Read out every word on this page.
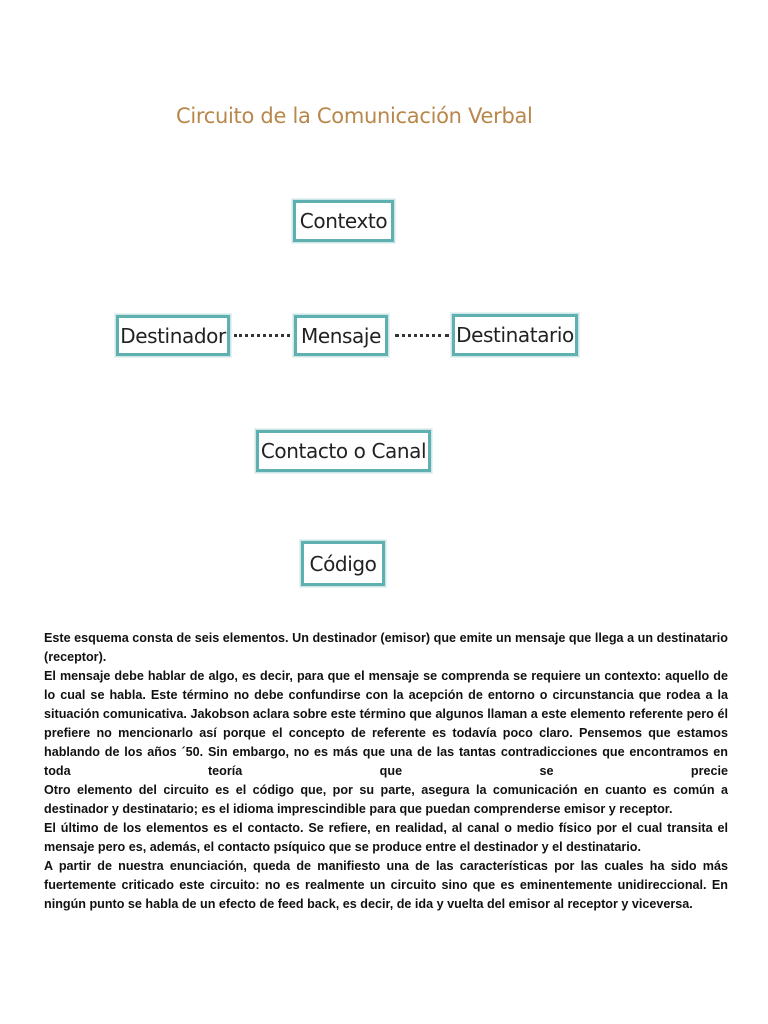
Circuito de la Comunicación Verbal
Contexto
Destinador	Mensaje	Destinatario
Contacto o Canal
Código

Este esquema consta de seis elementos. Un destinador (emisor) que emite un mensaje que llega a un destinatario (receptor).

El mensaje debe hablar de algo, es decir, para que el mensaje se comprenda se requiere un contexto: aquello de lo cual se habla. Este término no debe confundirse con la acepción de entorno o circunstancia que rodea a la situación comunicativa. Jakobson aclara sobre este término que algunos llaman a este elemento referente pero él prefiere no mencionarlo así porque el concepto de referente es todavía poco claro. Pensemos que estamos hablando de los años ´50. Sin embargo, no es más que una de las tantas contradicciones que encontramos en toda teoría que se precie

Otro elemento del circuito es el código que, por su parte, asegura la comunicación en cuanto es común a destinador y destinatario; es el idioma imprescindible para que puedan comprenderse emisor y receptor.

El último de los elementos es el contacto. Se refiere, en realidad, al canal o medio físico por el cual transita el mensaje pero es, además, el contacto psíquico que se produce entre el destinador y el destinatario.

A partir de nuestra enunciación, queda de manifiesto una de las características por las cuales ha sido más fuertemente criticado este circuito: no es realmente un circuito sino que es eminentemente unidireccional. En ningún punto se habla de un efecto de feed back, es decir, de ida y vuelta del emisor al receptor y viceversa.
